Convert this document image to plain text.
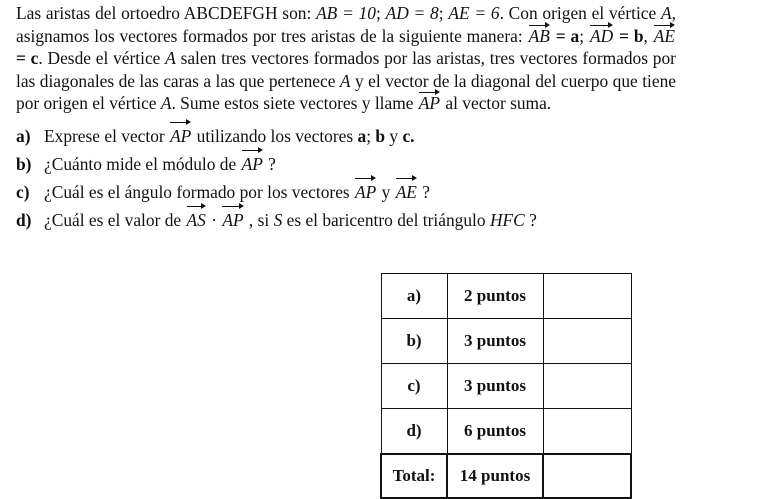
Las aristas del ortoedro ABCDEFGH son: AB = 10; AD = 8; AE = 6. Con origen el vértice A, asignamos los vectores formados por tres aristas de la siguiente manera: AB = a; AD = b, AE = c. Desde el vértice A salen tres vectores formados por las aristas, tres vectores formados por las diagonales de las caras a las que pertenece A y el vector de la diagonal del cuerpo que tiene por origen el vértice A. Sume estos siete vectores y llame AP al vector suma.

a) Exprese el vector AP utilizando los vectores a; b y c.
b) ¿Cuánto mide el módulo de AP ?
c) ¿Cuál es el ángulo formado por los vectores AP y AE ?
d) ¿Cuál es el valor de AS · AP , si S es el baricentro del triángulo HFC ?
a)	2 puntos	
b)	3 puntos	
c)	3 puntos	
d)	6 puntos	
Total:	14 puntos	
